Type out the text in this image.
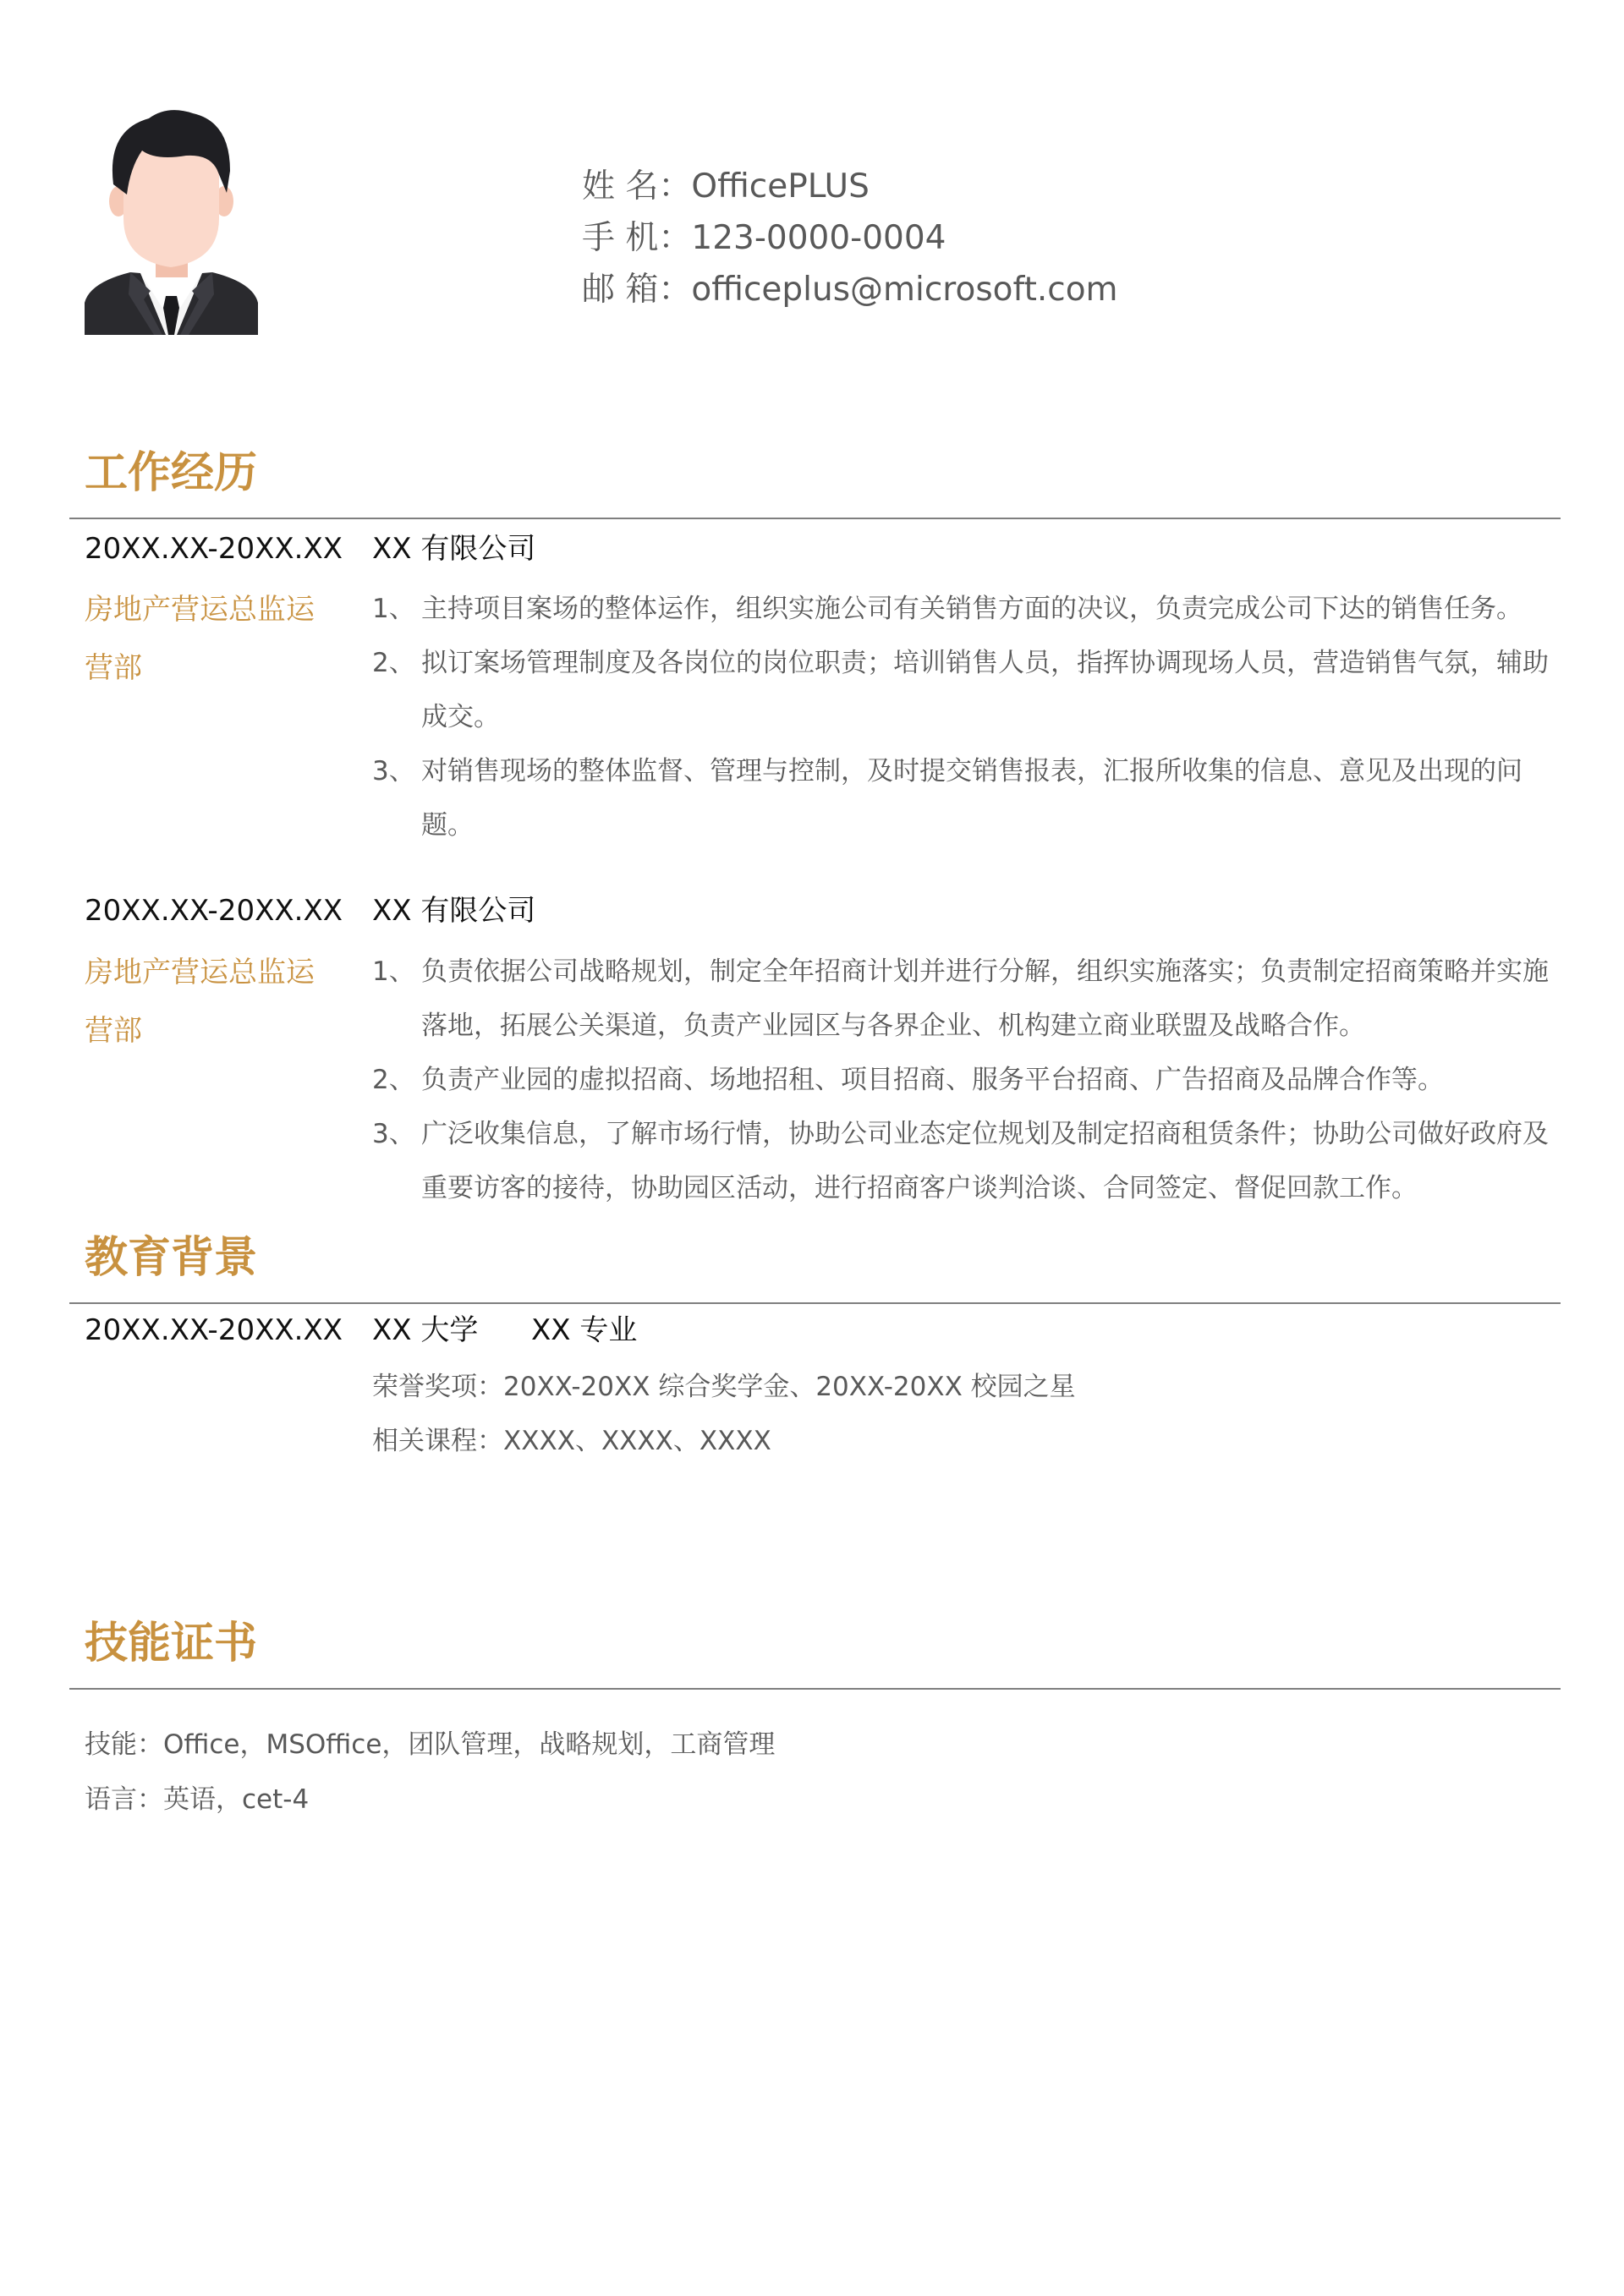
姓 名：OfficePLUS
手 机：123-0000-0004
邮 箱：officeplus@microsoft.com
工作经历
20XX.XX-20XX.XX XX 有限公司
房地产营运总监运营部
1、 主持项目案场的整体运作，组织实施公司有关销售方面的决议，负责完成公司下达的销售任务。
2、 拟订案场管理制度及各岗位的岗位职责；培训销售人员，指挥协调现场人员，营造销售气氛，辅助成交。
3、 对销售现场的整体监督、管理与控制，及时提交销售报表，汇报所收集的信息、意见及出现的问题。
20XX.XX-20XX.XX XX 有限公司
房地产营运总监运营部
1、 负责依据公司战略规划，制定全年招商计划并进行分解，组织实施落实；负责制定招商策略并实施落地，拓展公关渠道，负责产业园区与各界企业、机构建立商业联盟及战略合作。
2、 负责产业园的虚拟招商、场地招租、项目招商、服务平台招商、广告招商及品牌合作等。
3、 广泛收集信息，了解市场行情，协助公司业态定位规划及制定招商租赁条件；协助公司做好政府及重要访客的接待，协助园区活动，进行招商客户谈判洽谈、合同签定、督促回款工作。
教育背景
20XX.XX-20XX.XX XX 大学 XX 专业
荣誉奖项：20XX-20XX 综合奖学金、20XX-20XX 校园之星
相关课程：XXXX、XXXX、XXXX
技能证书
技能：Office，MSOffice，团队管理，战略规划，工商管理
语言：英语，cet-4
